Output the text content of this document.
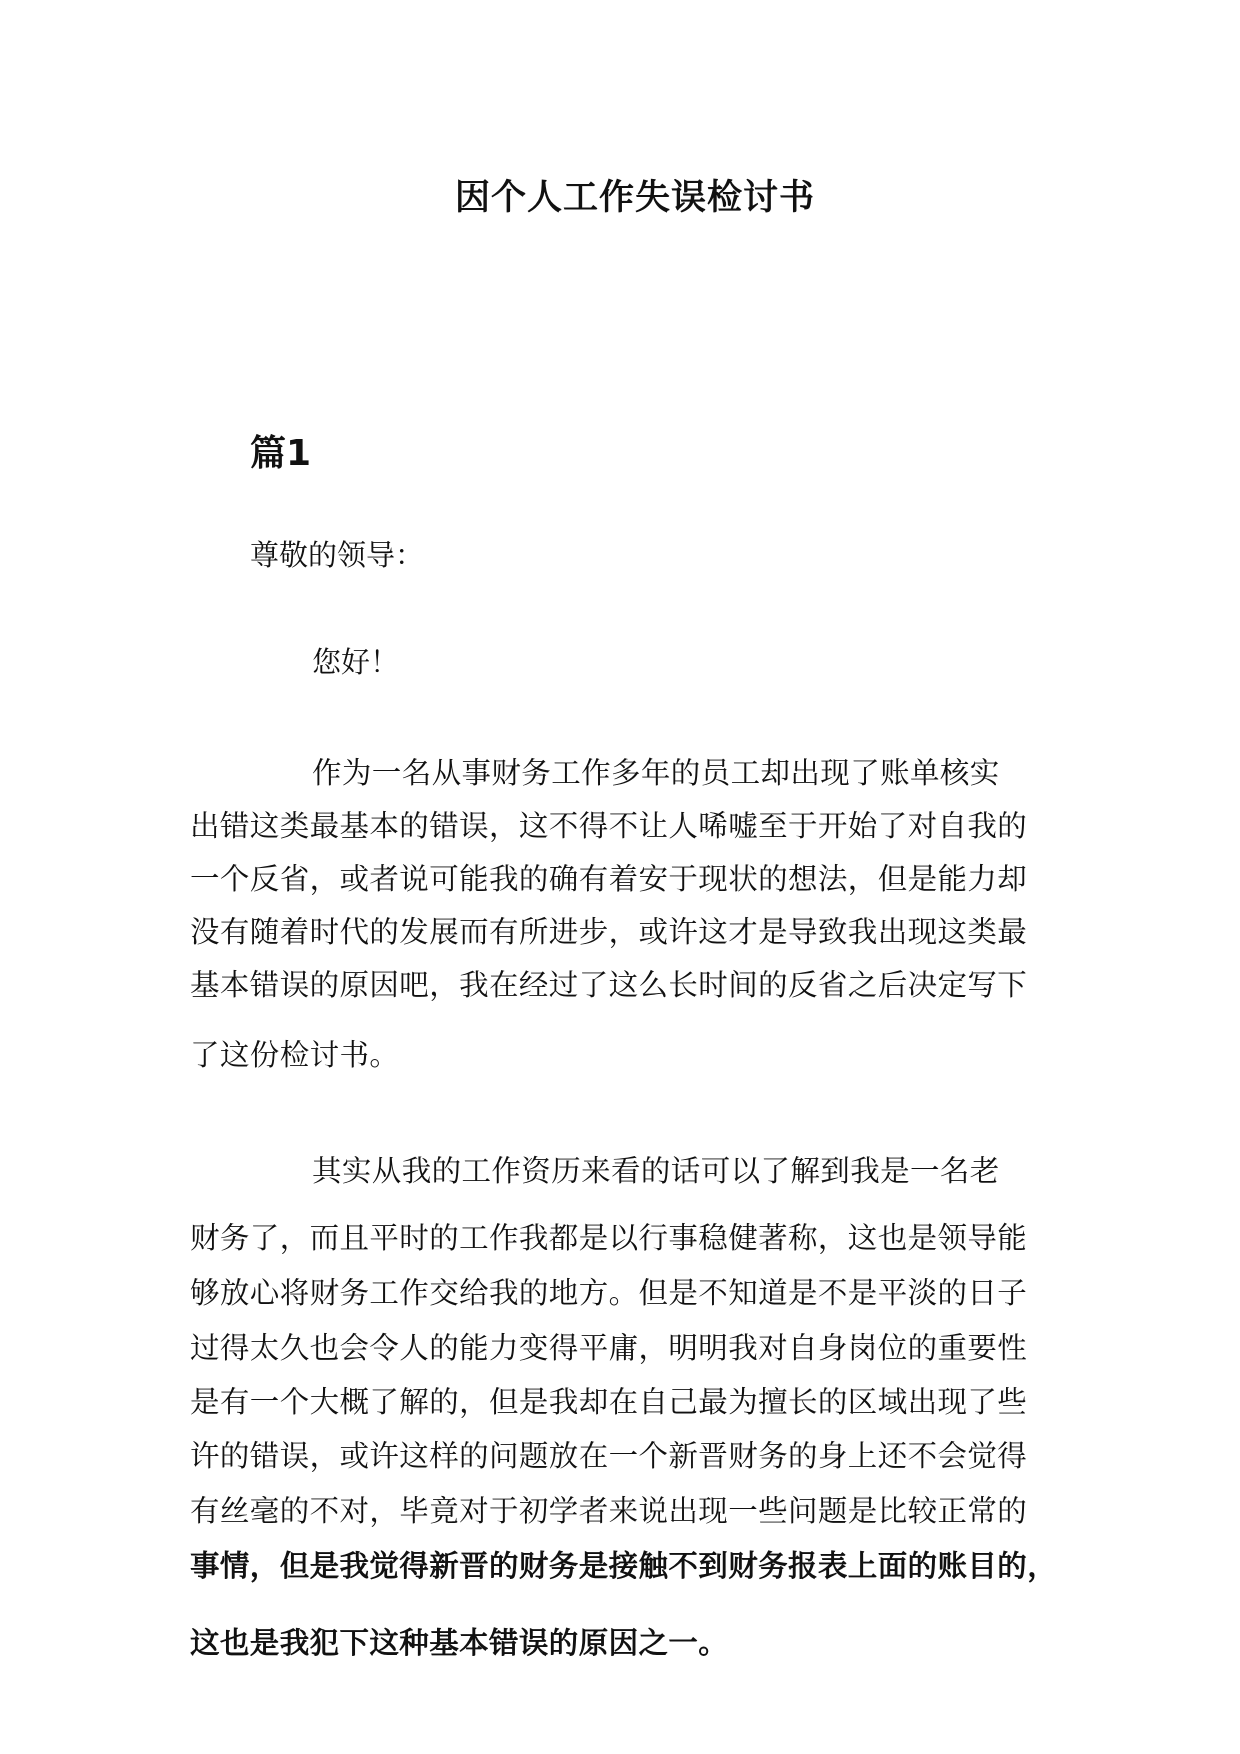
因个人工作失误检讨书
篇1
尊敬的领导：
您好！
作为一名从事财务工作多年的员工却出现了账单核实
出错这类最基本的错误，这不得不让人唏嘘至于开始了对自我的
一个反省，或者说可能我的确有着安于现状的想法，但是能力却
没有随着时代的发展而有所进步，或许这才是导致我出现这类最
基本错误的原因吧，我在经过了这么长时间的反省之后决定写下
了这份检讨书。
其实从我的工作资历来看的话可以了解到我是一名老
财务了，而且平时的工作我都是以行事稳健著称，这也是领导能
够放心将财务工作交给我的地方。但是不知道是不是平淡的日子
过得太久也会令人的能力变得平庸，明明我对自身岗位的重要性
是有一个大概了解的，但是我却在自己最为擅长的区域出现了些
许的错误，或许这样的问题放在一个新晋财务的身上还不会觉得
有丝毫的不对，毕竟对于初学者来说出现一些问题是比较正常的
事情，但是我觉得新晋的财务是接触不到财务报表上面的账目的，
这也是我犯下这种基本错误的原因之一。
